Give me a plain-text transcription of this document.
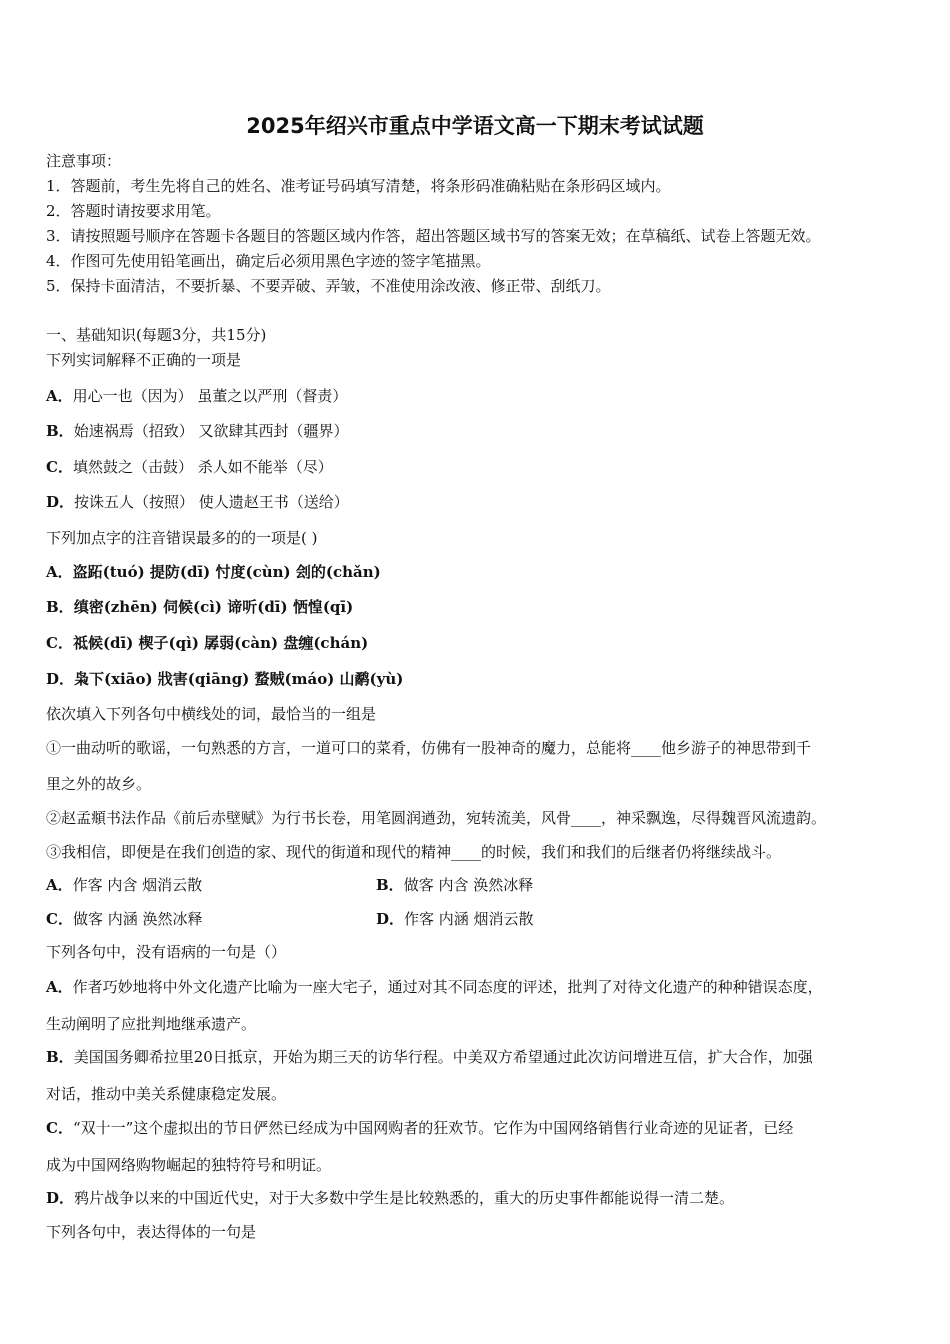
2025年绍兴市重点中学语文高一下期末考试试题
注意事项：
1．答题前，考生先将自己的姓名、准考证号码填写清楚，将条形码准确粘贴在条形码区域内。
2．答题时请按要求用笔。
3．请按照题号顺序在答题卡各题目的答题区域内作答，超出答题区域书写的答案无效；在草稿纸、试卷上答题无效。
4．作图可先使用铅笔画出，确定后必须用黑色字迹的签字笔描黑。
5．保持卡面清洁，不要折暴、不要弄破、弄皱，不准使用涂改液、修正带、刮纸刀。
一、基础知识(每题3分，共15分)
下列实词解释不正确的一项是
A．用心一也（因为） 虽董之以严刑（督责）
B．始速祸焉（招致） 又欲肆其西封（疆界）
C．填然鼓之（击鼓） 杀人如不能举（尽）
D．按诛五人（按照） 使人遗赵王书（送给）
下列加点字的注音错误最多的的一项是( )
A．盗跖(tuó) 提防(dī) 忖度(cùn) 刽的(chǎn)
B．缜密(zhēn) 伺候(cì) 谛听(dī) 恓惶(qī)
C．祗候(dī) 楔子(qì) 孱弱(càn) 盘缠(chán)
D．枭下(xiāo) 戕害(qiāng) 蝥贼(máo) 山鹬(yù)
依次填入下列各句中横线处的词，最恰当的一组是
①一曲动听的歌谣，一句熟悉的方言，一道可口的菜肴，仿佛有一股神奇的魔力，总能将____他乡游子的神思带到千
里之外的故乡。
②赵孟頫书法作品《前后赤壁赋》为行书长卷，用笔圆润遒劲，宛转流美，风骨____，神采飘逸，尽得魏晋风流遗韵。
③我相信，即便是在我们创造的家、现代的街道和现代的精神____的时候，我们和我们的后继者仍将继续战斗。
A．作客 内含 烟消云散	B．做客 内含 涣然冰释
C．做客 内涵 涣然冰释	D．作客 内涵 烟消云散
下列各句中，没有语病的一句是（）
A．作者巧妙地将中外文化遗产比喻为一座大宅子，通过对其不同态度的评述，批判了对待文化遗产的种种错误态度，
生动阐明了应批判地继承遗产。
B．美国国务卿希拉里20日抵京，开始为期三天的访华行程。中美双方希望通过此次访问增进互信，扩大合作，加强
对话，推动中美关系健康稳定发展。
C．“双十一”这个虚拟出的节日俨然已经成为中国网购者的狂欢节。它作为中国网络销售行业奇迹的见证者，已经
成为中国网络购物崛起的独特符号和明证。
D．鸦片战争以来的中国近代史，对于大多数中学生是比较熟悉的，重大的历史事件都能说得一清二楚。
下列各句中，表达得体的一句是
